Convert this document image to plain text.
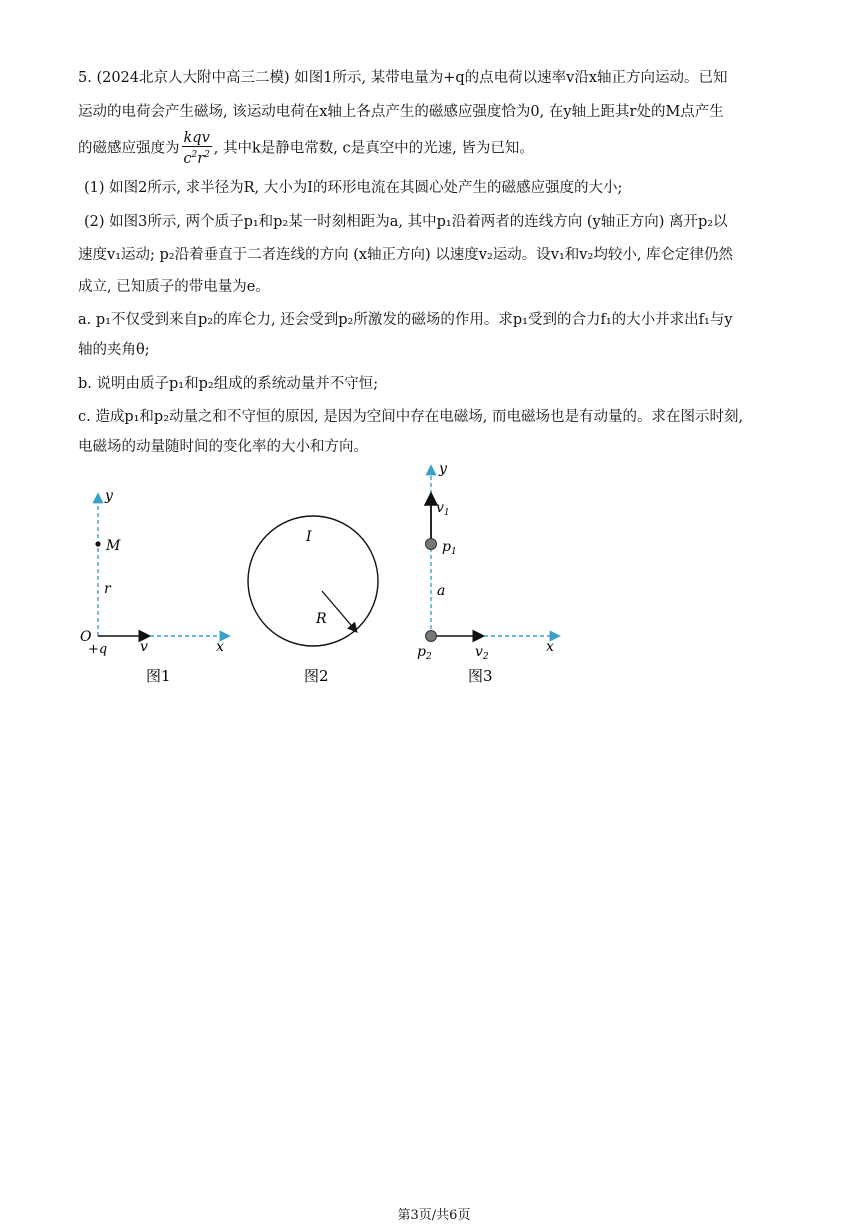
5. (2024北京人大附中高三二模) 如图1所示, 某带电量为+q的点电荷以速率v沿x轴正方向运动。已知
运动的电荷会产生磁场, 该运动电荷在x轴上各点产生的磁感应强度恰为0, 在y轴上距其r处的M点产生
的磁感应强度为 $\frac{\text{kqv}}{c^2r^2}$ , 其中k是静电常数, c是真空中的光速, 皆为已知。
(1) 如图2所示, 求半径为R, 大小为I的环形电流在其圆心处产生的磁感应强度的大小;
(2) 如图3所示, 两个质子p₁和p₂某一时刻相距为a, 其中p₁沿着两者的连线方向 (y轴正方向) 离开p₂以
速度v₁运动; p₂沿着垂直于二者连线的方向 (x轴正方向) 以速度v₂运动。设v₁和v₂均较小, 库仑定律仍然
成立, 已知质子的带电量为e。
a. p₁不仅受到来自p₂的库仑力, 还会受到p₂所激发的磁场的作用。求p₁受到的合力f₁的大小并求出f₁与y
轴的夹角θ;
b. 说明由质子p₁和p₂组成的系统动量并不守恒;
c. 造成p₁和p₂动量之和不守恒的原因, 是因为空间中存在电磁场, 而电磁场也是有动量的。求在图示时刻,
电磁场的动量随时间的变化率的大小和方向。
y
M
r
O
+q v	x
图1
I
R
图2
y
$v_1$
$p_1$
a
$p_2$	$v_2$
x
图3
第3页/共6页
